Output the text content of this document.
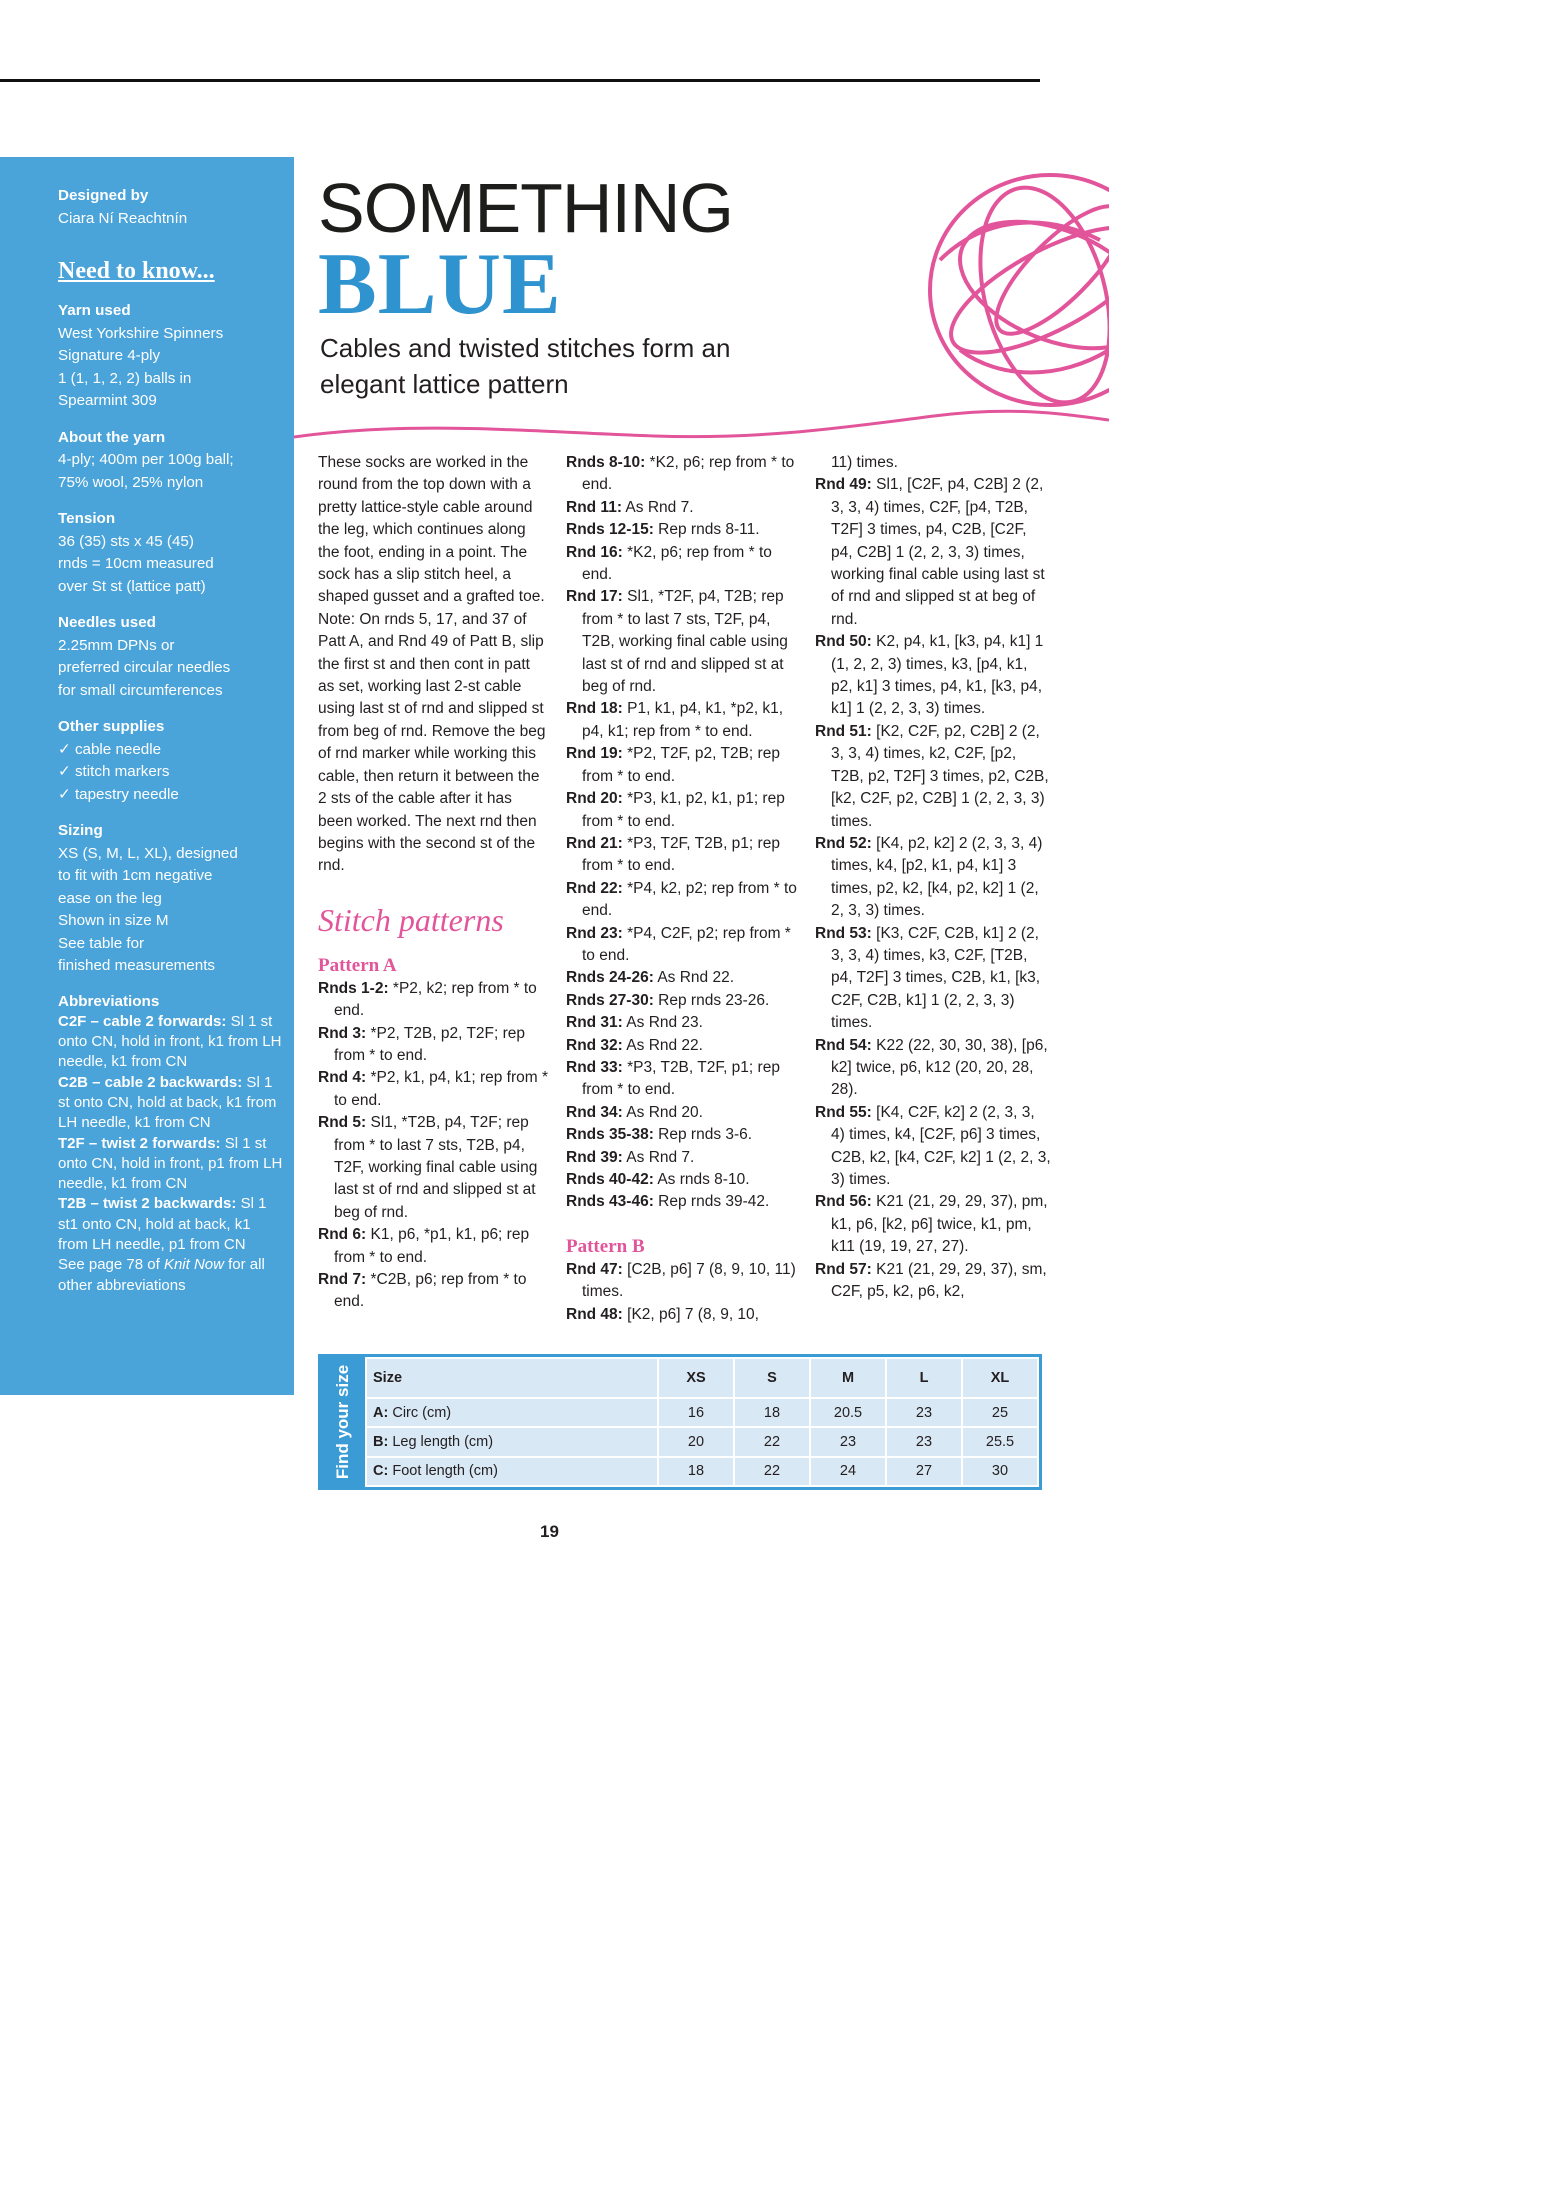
Designed by

Ciara Ní Reachtnín

Need to know...

Yarn used

West Yorkshire Spinners

Signature 4-ply

1 (1, 1, 2, 2) balls in

Spearmint 309

About the yarn

4-ply; 400m per 100g ball;

75% wool, 25% nylon

Tension

36 (35) sts x 45 (45)

rnds = 10cm measured

over St st (lattice patt)

Needles used

2.25mm DPNs or

preferred circular needles

for small circumferences

Other supplies

✓ cable needle

✓ stitch markers

✓ tapestry needle

Sizing

XS (S, M, L, XL), designed

to fit with 1cm negative

ease on the leg

Shown in size M

See table for

finished measurements

Abbreviations

C2F – cable 2 forwards: Sl 1 st onto CN, hold in front, k1 from LH needle, k1 from CN

C2B – cable 2 backwards: Sl 1 st onto CN, hold at back, k1 from LH needle, k1 from CN

T2F – twist 2 forwards: Sl 1 st onto CN, hold in front, p1 from LH needle, k1 from CN

T2B – twist 2 backwards: Sl 1 st1 onto CN, hold at back, k1 from LH needle, p1 from CN

See page 78 of Knit Now for all other abbreviations

SOMETHING
BLUE
Cables and twisted stitches form an elegant lattice pattern

These socks are worked in the round from the top down with a pretty lattice-style cable around the leg, which continues along the foot, ending in a point. The sock has a slip stitch heel, a shaped gusset and a grafted toe. Note: On rnds 5, 17, and 37 of Patt A, and Rnd 49 of Patt B, slip the first st and then cont in patt as set, working last 2-st cable using last st of rnd and slipped st from beg of rnd. Remove the beg of rnd marker while working this cable, then return it between the 2 sts of the cable after it has been worked. The next rnd then begins with the second st of the rnd.

Stitch patterns
Pattern A

Rnds 1-2: *P2, k2; rep from * to end.

Rnd 3: *P2, T2B, p2, T2F; rep from * to end.

Rnd 4: *P2, k1, p4, k1; rep from * to end.

Rnd 5: Sl1, *T2B, p4, T2F; rep from * to last 7 sts, T2B, p4, T2F, working final cable using last st of rnd and slipped st at beg of rnd.

Rnd 6: K1, p6, *p1, k1, p6; rep from * to end.

Rnd 7: *C2B, p6; rep from * to end.

Rnds 8-10: *K2, p6; rep from * to end.

Rnd 11: As Rnd 7.

Rnds 12-15: Rep rnds 8-11.

Rnd 16: *K2, p6; rep from * to end.

Rnd 17: Sl1, *T2F, p4, T2B; rep from * to last 7 sts, T2F, p4, T2B, working final cable using last st of rnd and slipped st at beg of rnd.

Rnd 18: P1, k1, p4, k1, *p2, k1, p4, k1; rep from * to end.

Rnd 19: *P2, T2F, p2, T2B; rep from * to end.

Rnd 20: *P3, k1, p2, k1, p1; rep from * to end.

Rnd 21: *P3, T2F, T2B, p1; rep from * to end.

Rnd 22: *P4, k2, p2; rep from * to end.

Rnd 23: *P4, C2F, p2; rep from * to end.

Rnds 24-26: As Rnd 22.

Rnds 27-30: Rep rnds 23-26.

Rnd 31: As Rnd 23.

Rnd 32: As Rnd 22.

Rnd 33: *P3, T2B, T2F, p1; rep from * to end.

Rnd 34: As Rnd 20.

Rnds 35-38: Rep rnds 3-6.

Rnd 39: As Rnd 7.

Rnds 40-42: As rnds 8-10.

Rnds 43-46: Rep rnds 39-42.

Pattern B

Rnd 47: [C2B, p6] 7 (8, 9, 10, 11) times.

Rnd 48: [K2, p6] 7 (8, 9, 10,

11) times.

Rnd 49: Sl1, [C2F, p4, C2B] 2 (2, 3, 3, 4) times, C2F, [p4, T2B, T2F] 3 times, p4, C2B, [C2F, p4, C2B] 1 (2, 2, 3, 3) times, working final cable using last st of rnd and slipped st at beg of rnd.

Rnd 50: K2, p4, k1, [k3, p4, k1] 1 (1, 2, 2, 3) times, k3, [p4, k1, p2, k1] 3 times, p4, k1, [k3, p4, k1] 1 (2, 2, 3, 3) times.

Rnd 51: [K2, C2F, p2, C2B] 2 (2, 3, 3, 4) times, k2, C2F, [p2, T2B, p2, T2F] 3 times, p2, C2B, [k2, C2F, p2, C2B] 1 (2, 2, 3, 3) times.

Rnd 52: [K4, p2, k2] 2 (2, 3, 3, 4) times, k4, [p2, k1, p4, k1] 3 times, p2, k2, [k4, p2, k2] 1 (2, 2, 3, 3) times.

Rnd 53: [K3, C2F, C2B, k1] 2 (2, 3, 3, 4) times, k3, C2F, [T2B, p4, T2F] 3 times, C2B, k1, [k3, C2F, C2B, k1] 1 (2, 2, 3, 3) times.

Rnd 54: K22 (22, 30, 30, 38), [p6, k2] twice, p6, k12 (20, 20, 28, 28).

Rnd 55: [K4, C2F, k2] 2 (2, 3, 3, 4) times, k4, [C2F, p6] 3 times, C2B, k2, [k4, C2F, k2] 1 (2, 2, 3, 3) times.

Rnd 56: K21 (21, 29, 29, 37), pm, k1, p6, [k2, p6] twice, k1, pm, k11 (19, 19, 27, 27).

Rnd 57: K21 (21, 29, 29, 37), sm, C2F, p5, k2, p6, k2,

Find your size Size	XS	S	M	L	XL
A: Circ (cm)	16	18	20.5	23	25
B: Leg length (cm)	20	22	23	23	25.5
C: Foot length (cm)	18	22	24	27	30
19
